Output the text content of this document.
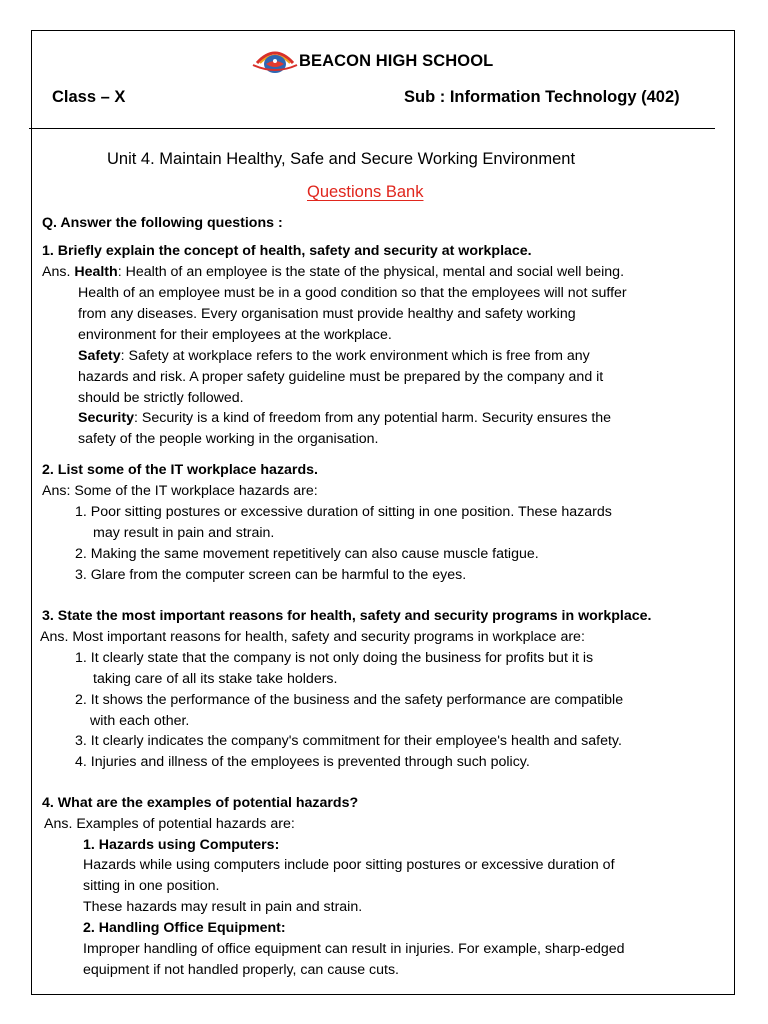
BEACON HIGH SCHOOL
Class – X	Sub : Information Technology (402)
Unit 4. Maintain Healthy, Safe and Secure Working Environment
Questions Bank
Q. Answer the following questions :
1. Briefly explain the concept of health, safety and security at workplace.
Ans. Health: Health of an employee is the state of the physical, mental and social well being.
Health of an employee must be in a good condition so that the employees will not suffer
from any diseases. Every organisation must provide healthy and safety working
environment for their employees at the workplace.
Safety: Safety at workplace refers to the work environment which is free from any
hazards and risk. A proper safety guideline must be prepared by the company and it
should be strictly followed.
Security: Security is a kind of freedom from any potential harm. Security ensures the
safety of the people working in the organisation.
2. List some of the IT workplace hazards.
Ans: Some of the IT workplace hazards are:
1. Poor sitting postures or excessive duration of sitting in one position. These hazards
may result in pain and strain.
2. Making the same movement repetitively can also cause muscle fatigue.
3. Glare from the computer screen can be harmful to the eyes.
3. State the most important reasons for health, safety and security programs in workplace.
Ans. Most important reasons for health, safety and security programs in workplace are:
1. It clearly state that the company is not only doing the business for profits but it is
taking care of all its stake take holders.
2. It shows the performance of the business and the safety performance are compatible
with each other.
3. It clearly indicates the company's commitment for their employee's health and safety.
4. Injuries and illness of the employees is prevented through such policy.
4. What are the examples of potential hazards?
Ans. Examples of potential hazards are:
1. Hazards using Computers:
Hazards while using computers include poor sitting postures or excessive duration of
sitting in one position.
These hazards may result in pain and strain.
2. Handling Office Equipment:
Improper handling of office equipment can result in injuries. For example, sharp-edged
equipment if not handled properly, can cause cuts.
